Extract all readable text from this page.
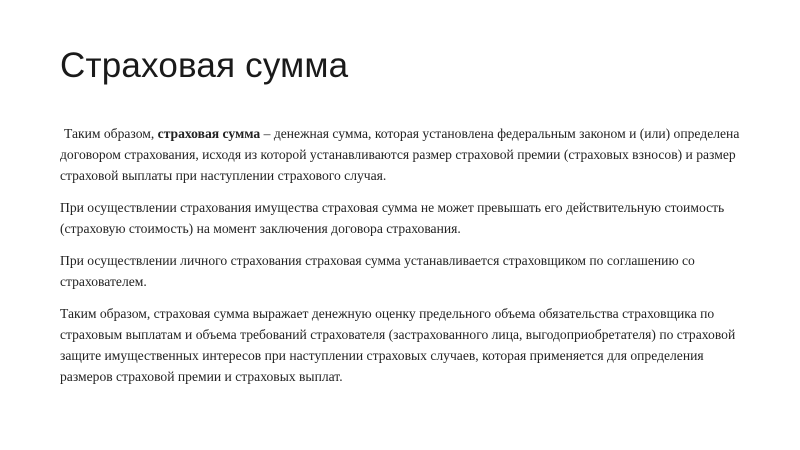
Страховая сумма

Таким образом, страховая сумма – денежная сумма, которая установлена федеральным законом и (или) определена договором страхования, исходя из которой устанавливаются размер страховой премии (страховых взносов) и размер страховой выплаты при наступлении страхового случая.

При осуществлении страхования имущества страховая сумма не может превышать его действительную стоимость (страховую стоимость) на момент заключения договора страхования.

При осуществлении личного страхования страховая сумма устанавливается страховщиком по соглашению со страхователем.

Таким образом, страховая сумма выражает денежную оценку предельного объема обязательства страховщика по страховым выплатам и объема требований страхователя (застрахованного лица, выгодоприобретателя) по страховой защите имущественных интересов при наступлении страховых случаев, которая применяется для определения размеров страховой премии и страховых выплат.
